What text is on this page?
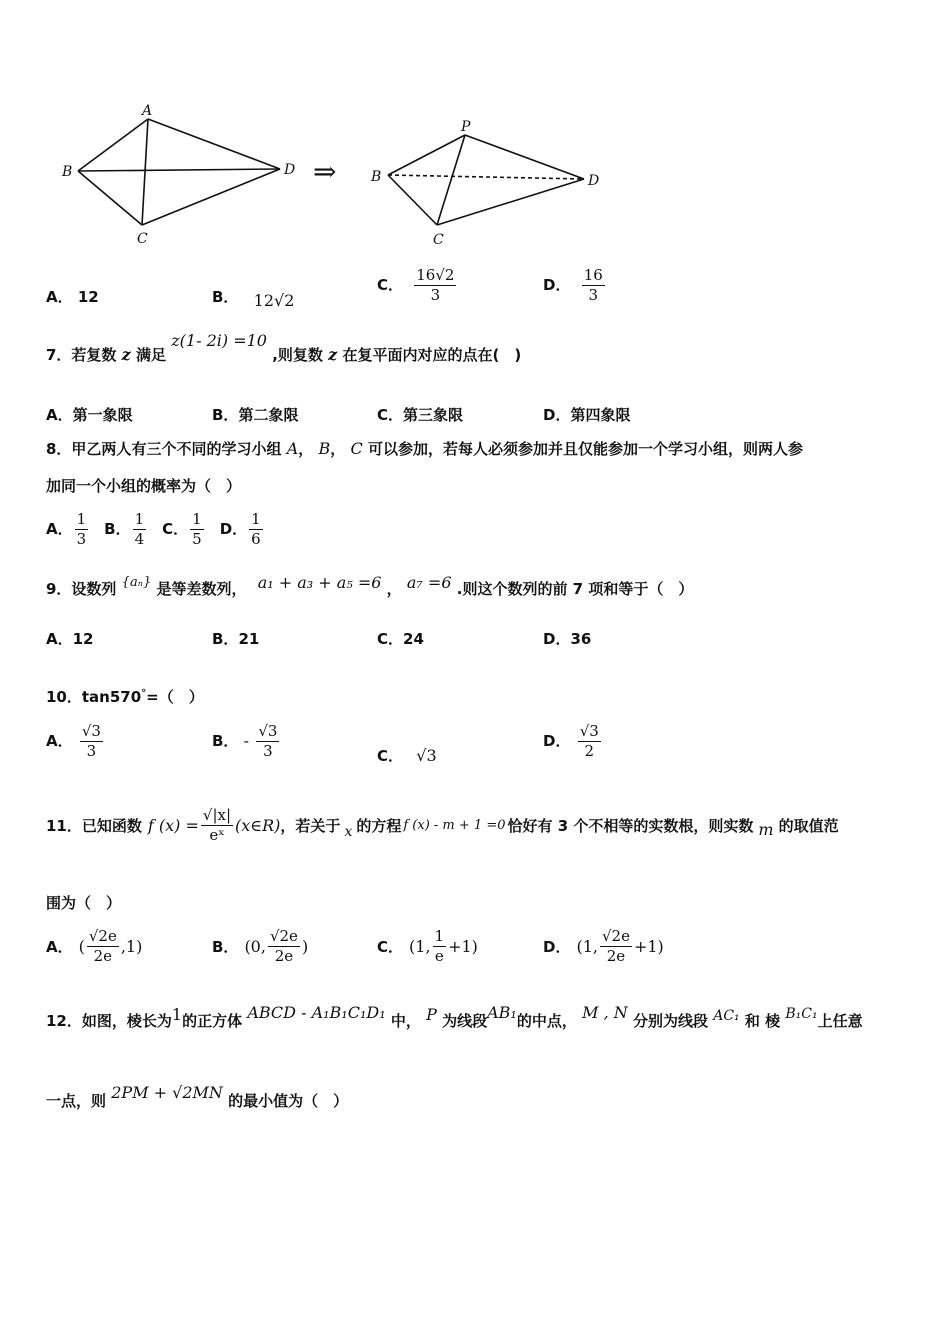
A
B
C
D ⇒
P
B
C
D
A． 12	B． 12√2
C． $\frac{16√2}{3}$	D． $\frac{16}{3}$
7．若复数 z 满足 z(1- 2i) =10 ,则复数 z 在复平面内对应的点在(　)
A．第一象限	B．第二象限	C．第三象限	D．第四象限
8．甲乙两人有三个不同的学习小组 A， B， C 可以参加，若每人必须参加并且仅能参加一个学习小组，则两人参
加同一个小组的概率为（　）
A． $\frac{1}{3}$ B． $\frac{1}{4}$ C． $\frac{1}{5}$ D． $\frac{1}{6}$
9．设数列 {aₙ} 是等差数列， a₁ + a₃ + a₅ =6 ， a₇ =6 .则这个数列的前 7 项和等于（　）
A．12	B．21	C．24	D．36
10．tan570°=（　）
A． $\frac{√3}{3}$	B． - $\frac{√3}{3}$	C． √3
D． $\frac{√3}{2}$
11．已知函数 f $(x) = \frac{√|x|}{\text{eˣ}}$ (x∈R) ，若关于 x 的方程 f (x) - m + 1 =0 恰好有 3 个不相等的实数根，则实数 m 的取值范
围为（　）
A． ( $\frac{√2e}{2e} ,1$)	B． (0, $\frac{√2e}{2e}$ )	C． (1, $\frac{1}{e} +1$)	D． (1, $\frac{√2e}{2e} +1$)
12．如图，棱长为1的正方体 ABCD - A₁B₁C₁D₁ 中， P 为线段AB₁的中点， M , N 分别为线段 AC₁ 和 棱 B₁C₁上任意
一点，则 2PM + √2MN 的最小值为（　）
